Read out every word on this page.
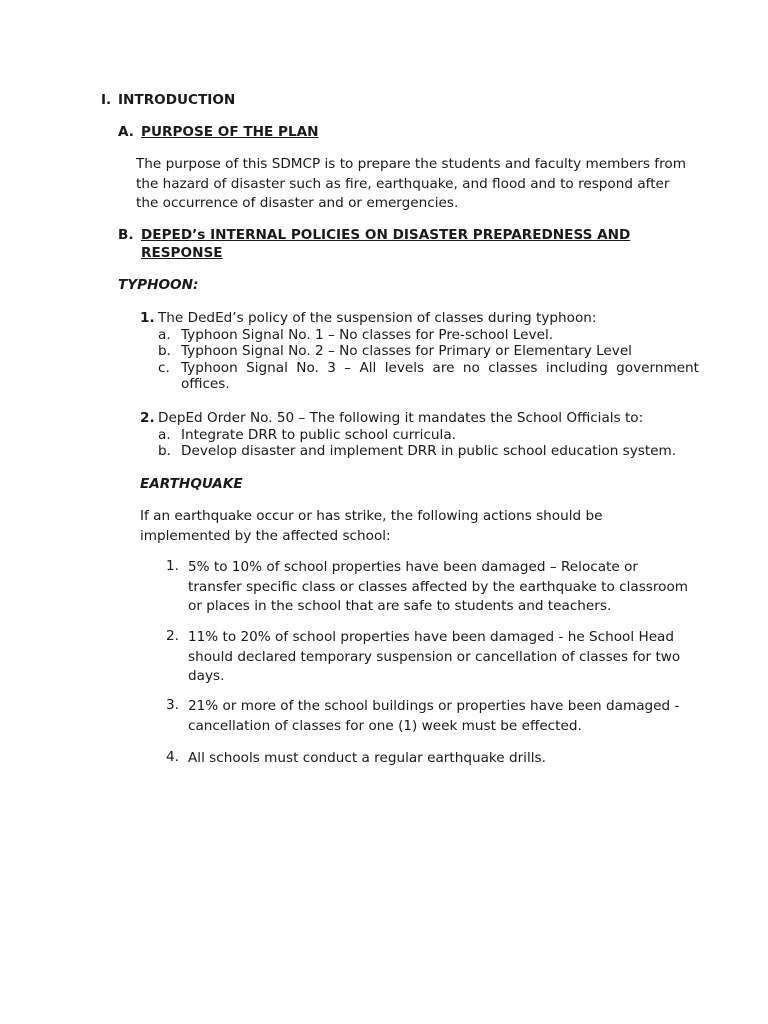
I. INTRODUCTION
A. PURPOSE OF THE PLAN
The purpose of this SDMCP is to prepare the students and faculty members from
the hazard of disaster such as fire, earthquake, and flood and to respond after
the occurrence of disaster and or emergencies.
B. DEPED’s INTERNAL POLICIES ON DISASTER PREPAREDNESS AND
RESPONSE
TYPHOON:
1. The DedEd’s policy of the suspension of classes during typhoon:
a. Typhoon Signal No. 1 – No classes for Pre-school Level.
b. Typhoon Signal No. 2 – No classes for Primary or Elementary Level
c. Typhoon Signal No. 3 – All levels are no classes including government
offices.
2. DepEd Order No. 50 – The following it mandates the School Officials to:
a. Integrate DRR to public school curricula.
b. Develop disaster and implement DRR in public school education system.
EARTHQUAKE
If an earthquake occur or has strike, the following actions should be
implemented by the affected school:
1. 5% to 10% of school properties have been damaged – Relocate or
transfer specific class or classes affected by the earthquake to classroom
or places in the school that are safe to students and teachers.
2. 11% to 20% of school properties have been damaged - he School Head
should declared temporary suspension or cancellation of classes for two
days.
3. 21% or more of the school buildings or properties have been damaged -
cancellation of classes for one (1) week must be effected.
4. All schools must conduct a regular earthquake drills.
